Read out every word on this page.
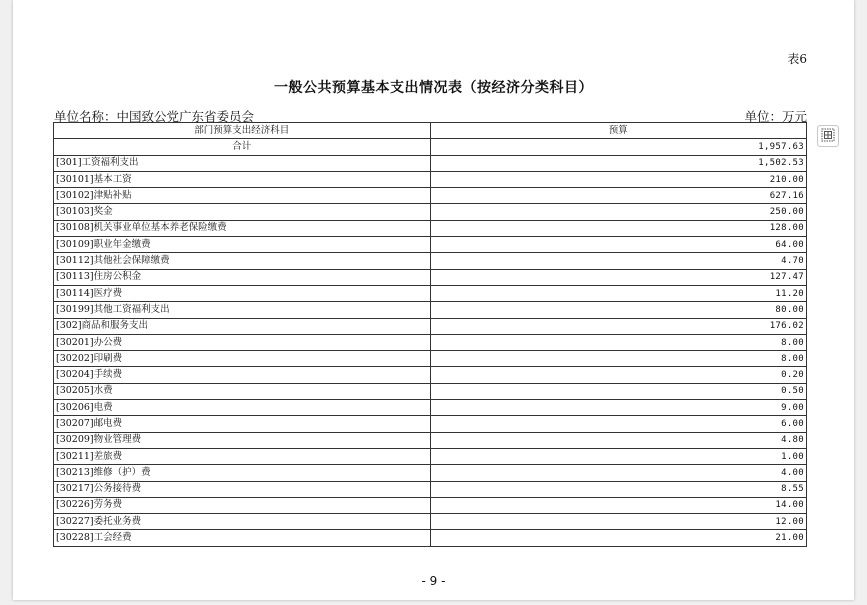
表6
一般公共预算基本支出情况表（按经济分类科目）
单位名称：中国致公党广东省委员会	单位：万元
部门预算支出经济科目	预算
合计	1,957.63
[301]工资福利支出	1,502.53
[30101]基本工资	210.00
[30102]津贴补贴	627.16
[30103]奖金	250.00
[30108]机关事业单位基本养老保险缴费	128.00
[30109]职业年金缴费	64.00
[30112]其他社会保障缴费	4.70
[30113]住房公积金	127.47
[30114]医疗费	11.20
[30199]其他工资福利支出	80.00
[302]商品和服务支出	176.02
[30201]办公费	8.00
[30202]印刷费	8.00
[30204]手续费	0.20
[30205]水费	0.50
[30206]电费	9.00
[30207]邮电费	6.00
[30209]物业管理费	4.80
[30211]差旅费	1.00
[30213]维修（护）费	4.00
[30217]公务接待费	8.55
[30226]劳务费	14.00
[30227]委托业务费	12.00
[30228]工会经费	21.00
- 9 -
